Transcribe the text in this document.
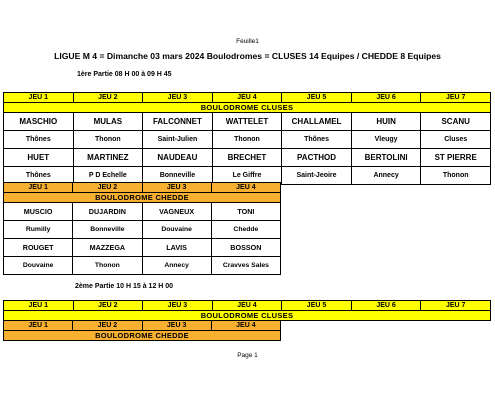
Feuille1
LIGUE M 4 = Dimanche 03 mars 2024 Boulodromes = CLUSES 14 Equipes / CHEDDE 8 Equipes
1ère Partie 08 H 00 à 09 H 45
JEU 1	JEU 2	JEU 3	JEU 4	JEU 5	JEU 6	JEU 7
BOULODROME CLUSES						
MASCHIO	MULAS	FALCONNET	WATTELET	CHALLAMEL	HUIN	SCANU
Thônes	Thonon	Saint-Julien	Thonon	Thônes	Vleugy	Cluses
HUET	MARTINEZ	NAUDEAU	BRECHET	PACTHOD	BERTOLINI	ST PIERRE
Thônes	P D Echelle	Bonneville	Le Giffre	Saint-Jeoire	Annecy	Thonon
JEU 1	JEU 2	JEU 3	JEU 4
BOULODROME CHEDDE			
MUSCIO	DUJARDIN	VAGNEUX	TONI
Rumilly	Bonneville	Douvaine	Chedde
ROUGET	MAZZEGA	LAVIS	BOSSON
Douvaine	Thonon	Annecy	Cravves Sales
2ème Partie 10 H 15 à 12 H 00
JEU 1	JEU 2	JEU 3	JEU 4	JEU 5	JEU 6	JEU 7
BOULODROME CLUSES
JEU 1	JEU 2	JEU 3	JEU 4
BOULODROME CHEDDE
Page 1
